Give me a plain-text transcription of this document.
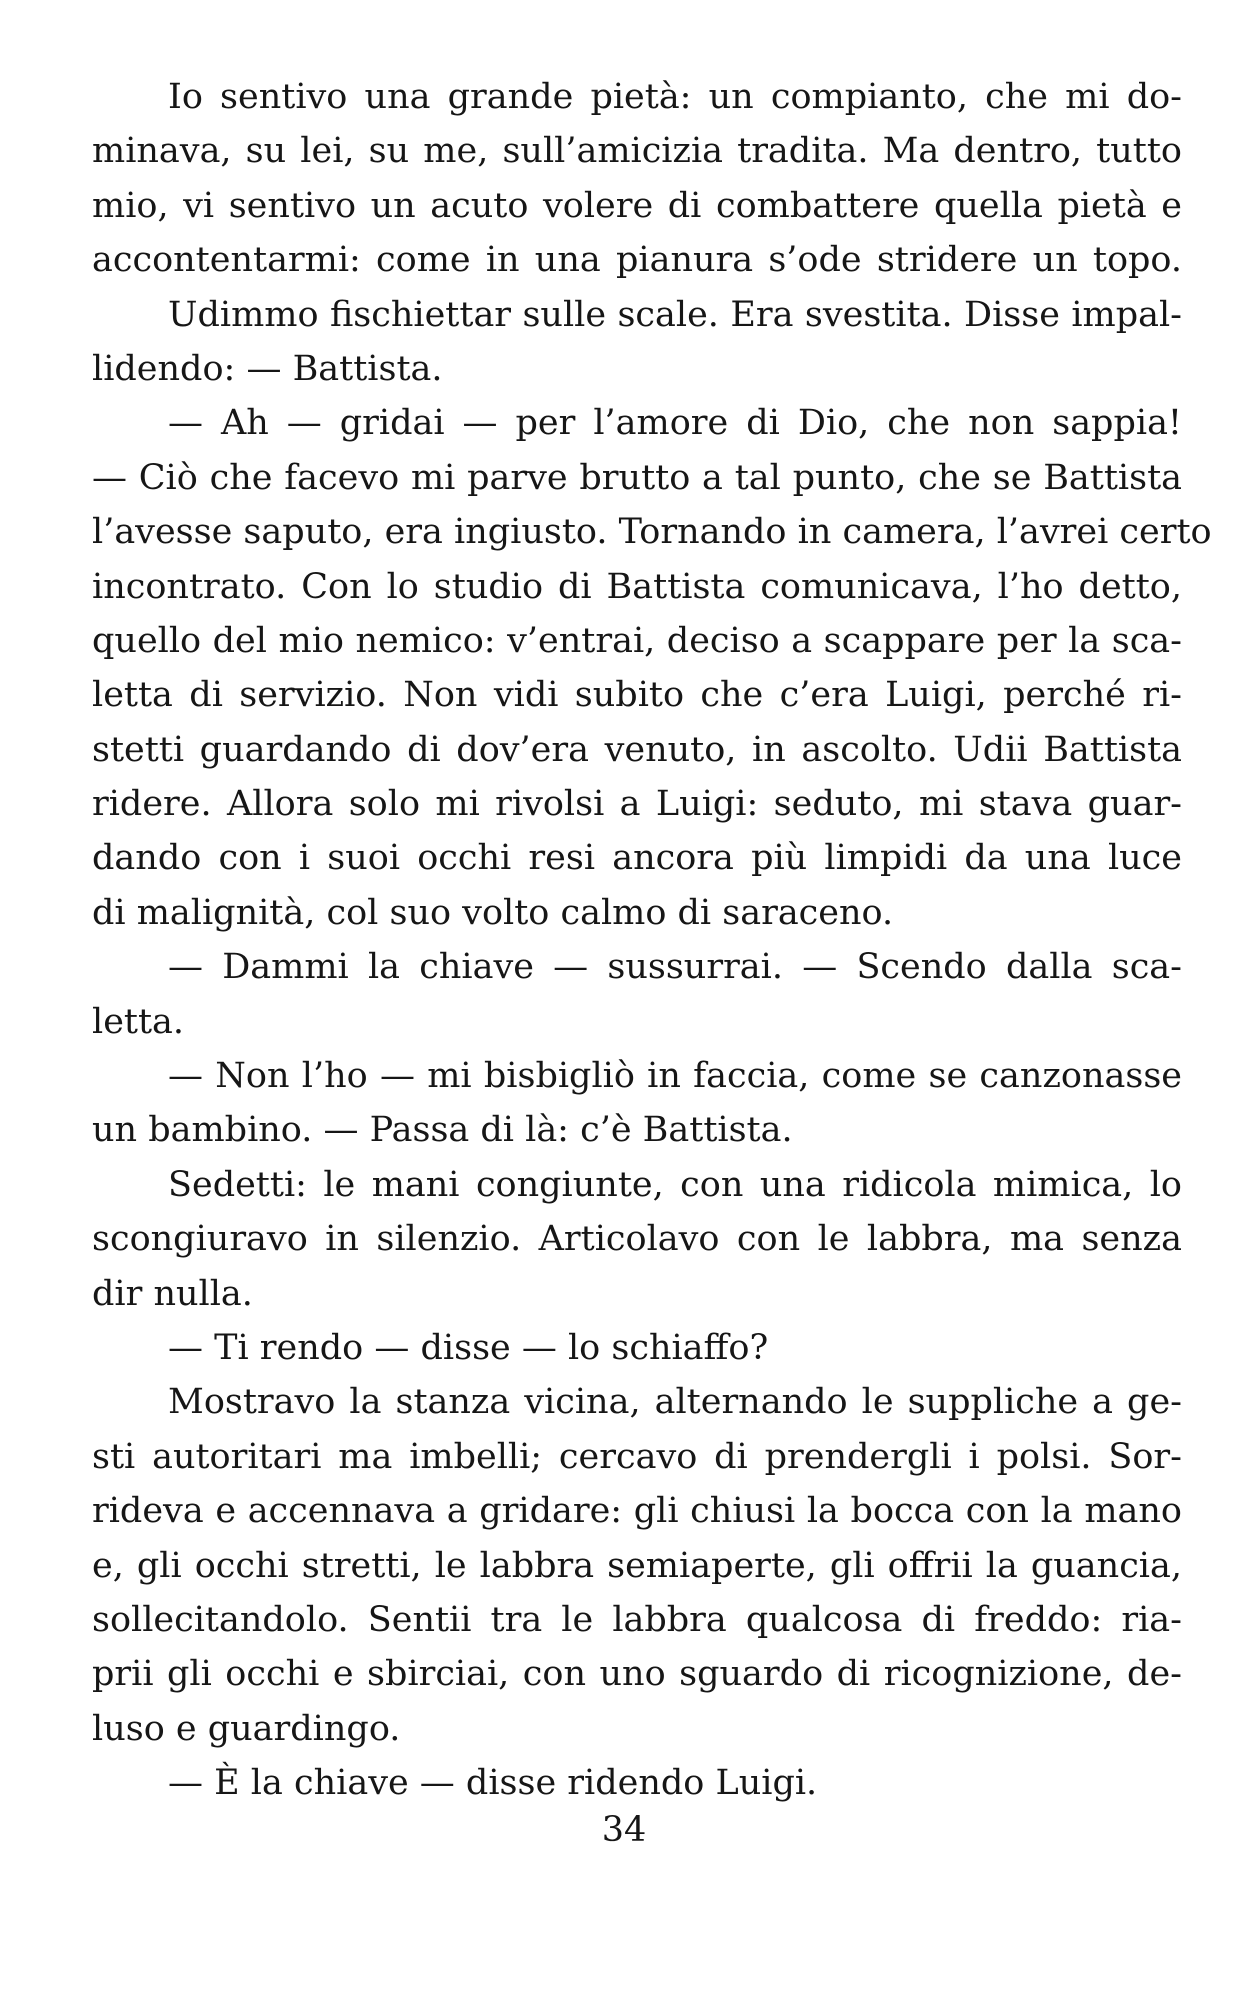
Io sentivo una grande pietà: un compianto, che mi do-
minava, su lei, su me, sull’amicizia tradita. Ma dentro, tutto
mio, vi sentivo un acuto volere di combattere quella pietà e
accontentarmi: come in una pianura s’ode stridere un topo.
Udimmo fischiettar sulle scale. Era svestita. Disse impal-
lidendo: — Battista.
— Ah — gridai — per l’amore di Dio, che non sappia!
— Ciò che facevo mi parve brutto a tal punto, che se Battista
l’avesse saputo, era ingiusto. Tornando in camera, l’avrei certo
incontrato. Con lo studio di Battista comunicava, l’ho detto,
quello del mio nemico: v’entrai, deciso a scappare per la sca-
letta di servizio. Non vidi subito che c’era Luigi, perché ri-
stetti guardando di dov’era venuto, in ascolto. Udii Battista
ridere. Allora solo mi rivolsi a Luigi: seduto, mi stava guar-
dando con i suoi occhi resi ancora più limpidi da una luce
di malignità, col suo volto calmo di saraceno.
— Dammi la chiave — sussurrai. — Scendo dalla sca-
letta.
— Non l’ho — mi bisbigliò in faccia, come se canzonasse
un bambino. — Passa di là: c’è Battista.
Sedetti: le mani congiunte, con una ridicola mimica, lo
scongiuravo in silenzio. Articolavo con le labbra, ma senza
dir nulla.
— Ti rendo — disse — lo schiaffo?
Mostravo la stanza vicina, alternando le suppliche a ge-
sti autoritari ma imbelli; cercavo di prendergli i polsi. Sor-
rideva e accennava a gridare: gli chiusi la bocca con la mano
e, gli occhi stretti, le labbra semiaperte, gli offrii la guancia,
sollecitandolo. Sentii tra le labbra qualcosa di freddo: ria-
prii gli occhi e sbirciai, con uno sguardo di ricognizione, de-
luso e guardingo.
— È la chiave — disse ridendo Luigi.
34
